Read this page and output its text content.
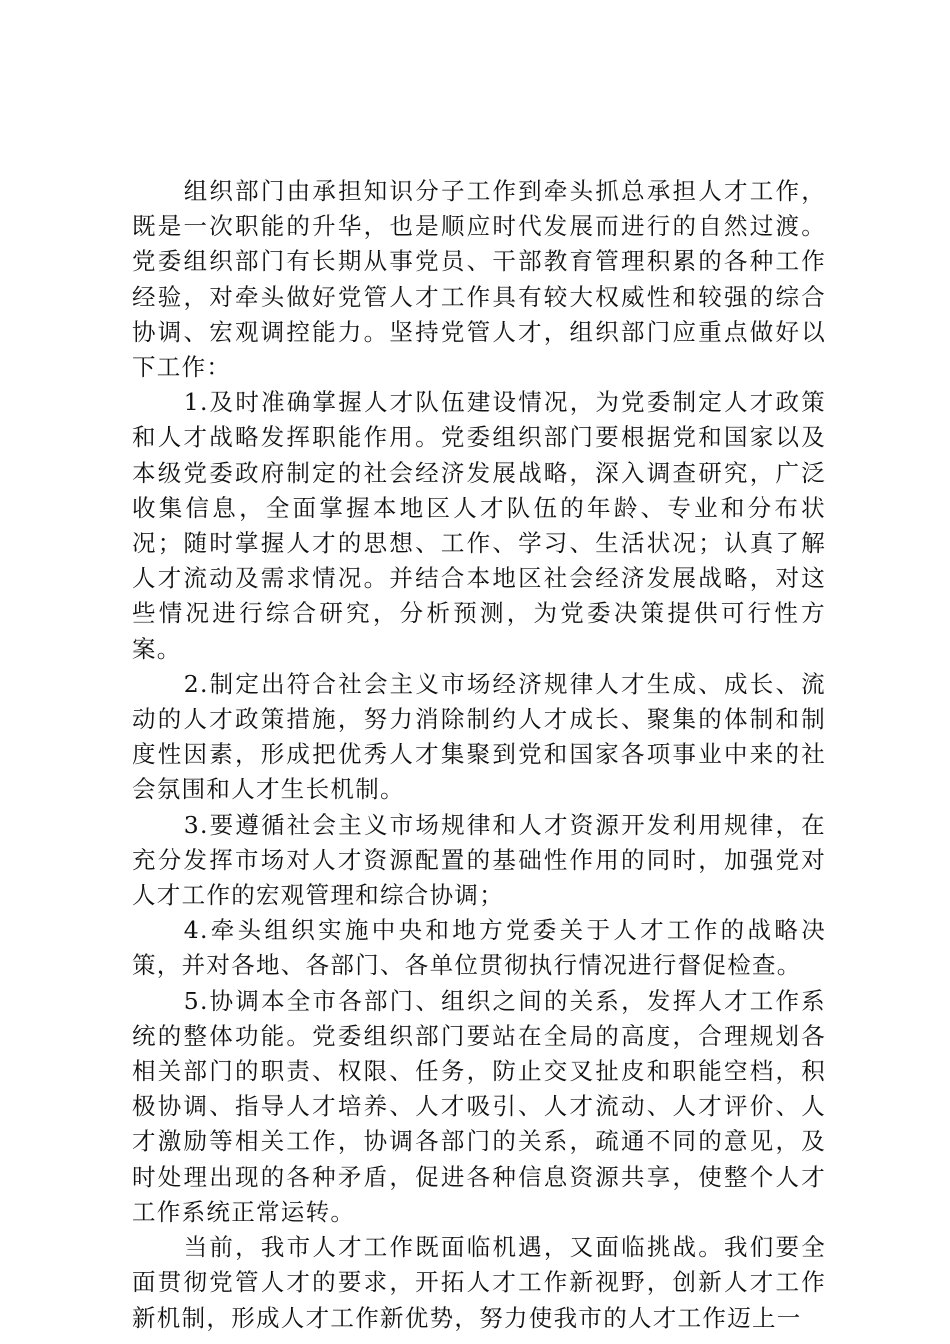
组织部门由承担知识分子工作到牵头抓总承担人才工作，既是一次职能的升华，也是顺应时代发展而进行的自然过渡。党委组织部门有长期从事党员、干部教育管理积累的各种工作经验，对牵头做好党管人才工作具有较大权威性和较强的综合协调、宏观调控能力。坚持党管人才，组织部门应重点做好以下工作：

1.及时准确掌握人才队伍建设情况，为党委制定人才政策和人才战略发挥职能作用。党委组织部门要根据党和国家以及本级党委政府制定的社会经济发展战略，深入调查研究，广泛收集信息，全面掌握本地区人才队伍的年龄、专业和分布状况；随时掌握人才的思想、工作、学习、生活状况；认真了解人才流动及需求情况。并结合本地区社会经济发展战略，对这些情况进行综合研究，分析预测，为党委决策提供可行性方案。

2.制定出符合社会主义市场经济规律人才生成、成长、流动的人才政策措施，努力消除制约人才成长、聚集的体制和制度性因素，形成把优秀人才集聚到党和国家各项事业中来的社会氛围和人才生长机制。

3.要遵循社会主义市场规律和人才资源开发利用规律，在充分发挥市场对人才资源配置的基础性作用的同时，加强党对人才工作的宏观管理和综合协调；

4.牵头组织实施中央和地方党委关于人才工作的战略决策，并对各地、各部门、各单位贯彻执行情况进行督促检查。

5.协调本全市各部门、组织之间的关系，发挥人才工作系统的整体功能。党委组织部门要站在全局的高度，合理规划各相关部门的职责、权限、任务，防止交叉扯皮和职能空档，积极协调、指导人才培养、人才吸引、人才流动、人才评价、人才激励等相关工作，协调各部门的关系，疏通不同的意见，及时处理出现的各种矛盾，促进各种信息资源共享，使整个人才工作系统正常运转。

当前，我市人才工作既面临机遇，又面临挑战。我们要全面贯彻党管人才的要求，开拓人才工作新视野，创新人才工作新机制，形成人才工作新优势，努力使我市的人才工作迈上一
